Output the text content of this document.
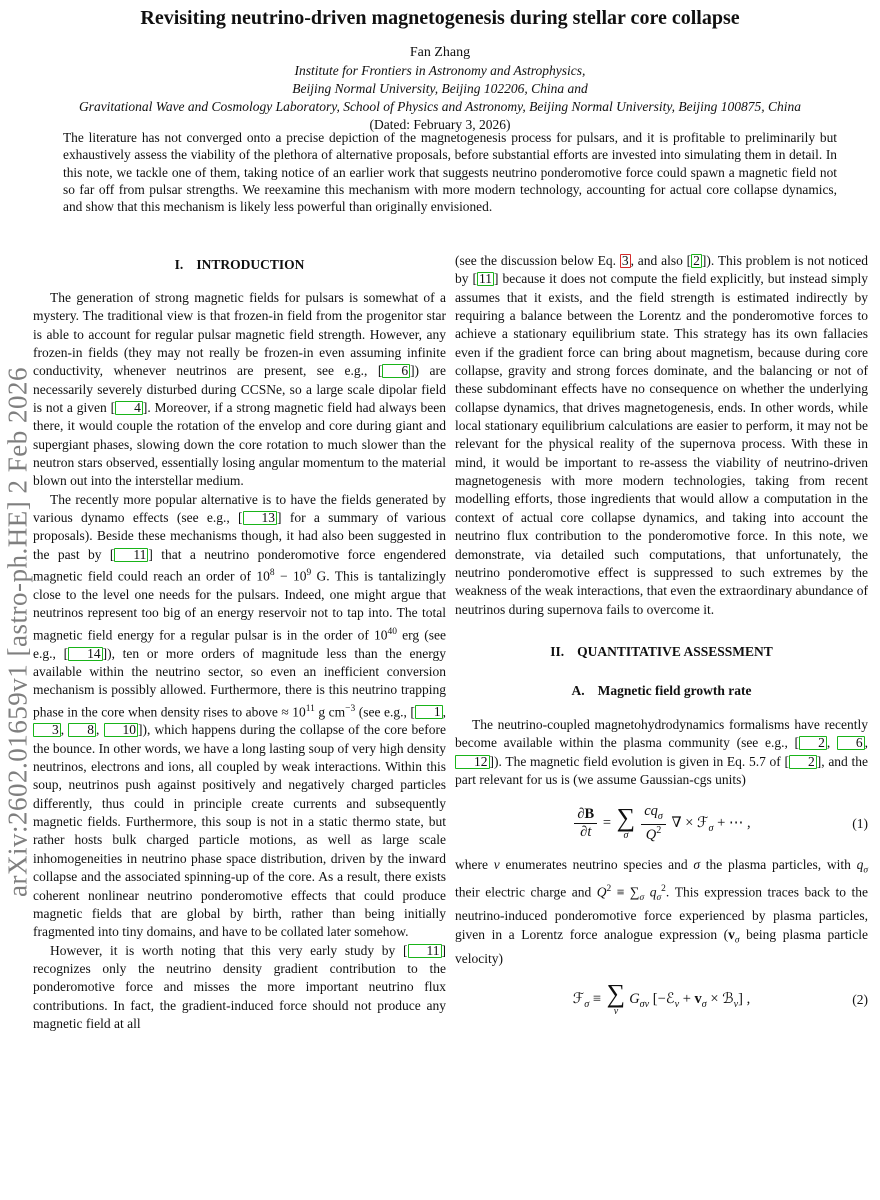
arXiv:2602.01659v1 [astro-ph.HE] 2 Feb 2026
Revisiting neutrino-driven magnetogenesis during stellar core collapse
Fan Zhang
Institute for Frontiers in Astronomy and Astrophysics,
Beijing Normal University, Beijing 102206, China and
Gravitational Wave and Cosmology Laboratory, School of Physics and Astronomy, Beijing Normal University, Beijing 100875, China
(Dated: February 3, 2026)
The literature has not converged onto a precise depiction of the magnetogenesis process for pulsars, and it is profitable to preliminarily but exhaustively assess the viability of the plethora of alternative proposals, before substantial efforts are invested into simulating them in detail. In this note, we tackle one of them, taking notice of an earlier work that suggests neutrino ponderomotive force could spawn a magnetic field not so far off from pulsar strengths. We reexamine this mechanism with more modern technology, accounting for actual core collapse dynamics, and show that this mechanism is likely less powerful than originally envisioned.
I. INTRODUCTION

The generation of strong magnetic fields for pulsars is somewhat of a mystery. The traditional view is that frozen-in field from the progenitor star is able to account for regular pulsar magnetic field strength. However, any frozen-in fields (they may not really be frozen-in even assuming infinite conductivity, whenever neutrinos are present, see e.g., [ 6 ]) are necessarily severely disturbed during CCSNe, so a large scale dipolar field is not a given [ 4 ]. Moreover, if a strong magnetic field had always been there, it would couple the rotation of the envelop and core during giant and supergiant phases, slowing down the core rotation to much slower than the neutron stars observed, essentially losing angular momentum to the material blown out into the interstellar medium.

The recently more popular alternative is to have the fields generated by various dynamo effects (see e.g., [ 13 ] for a summary of various proposals). Beside these mechanisms though, it had also been suggested in the past by [ 11 ] that a neutrino ponderomotive force engendered magnetic field could reach an order of $10^8 - 10^9$ G. This is tantalizingly close to the level one needs for the pulsars. Indeed, one might argue that neutrinos represent too big of an energy reservoir not to tap into. The total magnetic field energy for a regular pulsar is in the order of $10^{40}$ erg (see e.g., [ 14 ]), ten or more orders of magnitude less than the energy available within the neutrino sector, so even an inefficient conversion mechanism is possibly allowed. Furthermore, there is this neutrino trapping phase in the core when density rises to above ≈ $10^{11}$ g $cm^{-3}$ (see e.g., [ 1 , 3 , 8 , 10 ]), which happens during the collapse of the core before the bounce. In other words, we have a long lasting soup of very high density neutrinos, electrons and ions, all coupled by weak interactions. Within this soup, neutrinos push against positively and negatively charged particles differently, thus could in principle create currents and subsequently magnetic fields. Furthermore, this soup is not in a static thermo state, but rather hosts bulk charged particle motions, as well as large scale inhomogeneities in neutrino phase space distribution, driven by the inward collapse and the associated spinning-up of the core. As a result, there exists coherent nonlinear neutrino ponderomotive effects that could produce magnetic fields that are global by birth, rather than being initially fragmented into tiny domains, and have to be collated later somehow.

However, it is worth noting that this very early study by [ 11 ] recognizes only the neutrino density gradient contribution to the ponderomotive force and misses the more important neutrino flux contributions. In fact, the gradient-induced force should not produce any magnetic field at all

(see the discussion below Eq. 3 , and also [ 2 ]). This problem is not noticed by [ 11 ] because it does not compute the field explicitly, but instead simply assumes that it exists, and the field strength is estimated indirectly by requiring a balance between the Lorentz and the ponderomotive forces to achieve a stationary equilibrium state. This strategy has its own fallacies even if the gradient force can bring about magnetism, because during core collapse, gravity and strong forces dominate, and the balancing or not of these subdominant effects have no consequence on whether the underlying collapse dynamics, that drives magnetogenesis, ends. In other words, while local stationary equilibrium calculations are easier to perform, it may not be relevant for the physical reality of the supernova process. With these in mind, it would be important to re-assess the viability of neutrino-driven magnetogenesis with more modern technologies, taking from recent modelling efforts, those ingredients that would allow a computation in the context of actual core collapse dynamics, and taking into account the neutrino flux contribution to the ponderomotive force. In this note, we demonstrate, via detailed such computations, that unfortunately, the neutrino ponderomotive effect is suppressed to such extremes by the weakness of the weak interactions, that even the extraordinary abundance of neutrinos during supernova fails to overcome it.

II. QUANTITATIVE ASSESSMENT
A. Magnetic field growth rate

The neutrino-coupled magnetohydrodynamics formalisms have recently become available within the plasma community (see e.g., [ 2 , 6 , 12 ]). The magnetic field evolution is given in Eq. 5.7 of [ 2 ], and the part relevant for us is (we assume Gaussian-cgs units)

$\frac{\partial B}{\partial t}$ = ∑
σ $\frac{cq_\sigma}{Q^2}$ ∇ × ℱ$_\sigma$ + ⋯ ,	(1)

where ν enumerates neutrino species and σ the plasma particles, with $q_\sigma$ their electric charge and $Q^2 \equiv \sum_\sigma$ $q_\sigma^2$. This expression traces back to the neutrino-induced ponderomotive force experienced by plasma particles, given in a Lorentz force analogue expression ($v_\sigma$ being plasma particle velocity)

ℱ$_\sigma$ ≡ ∑
ν
$G_{\sigma\nu}$ [−ℰ$_\nu$ + $v_\sigma$ × ℬ$_\nu$] ,	(2)
